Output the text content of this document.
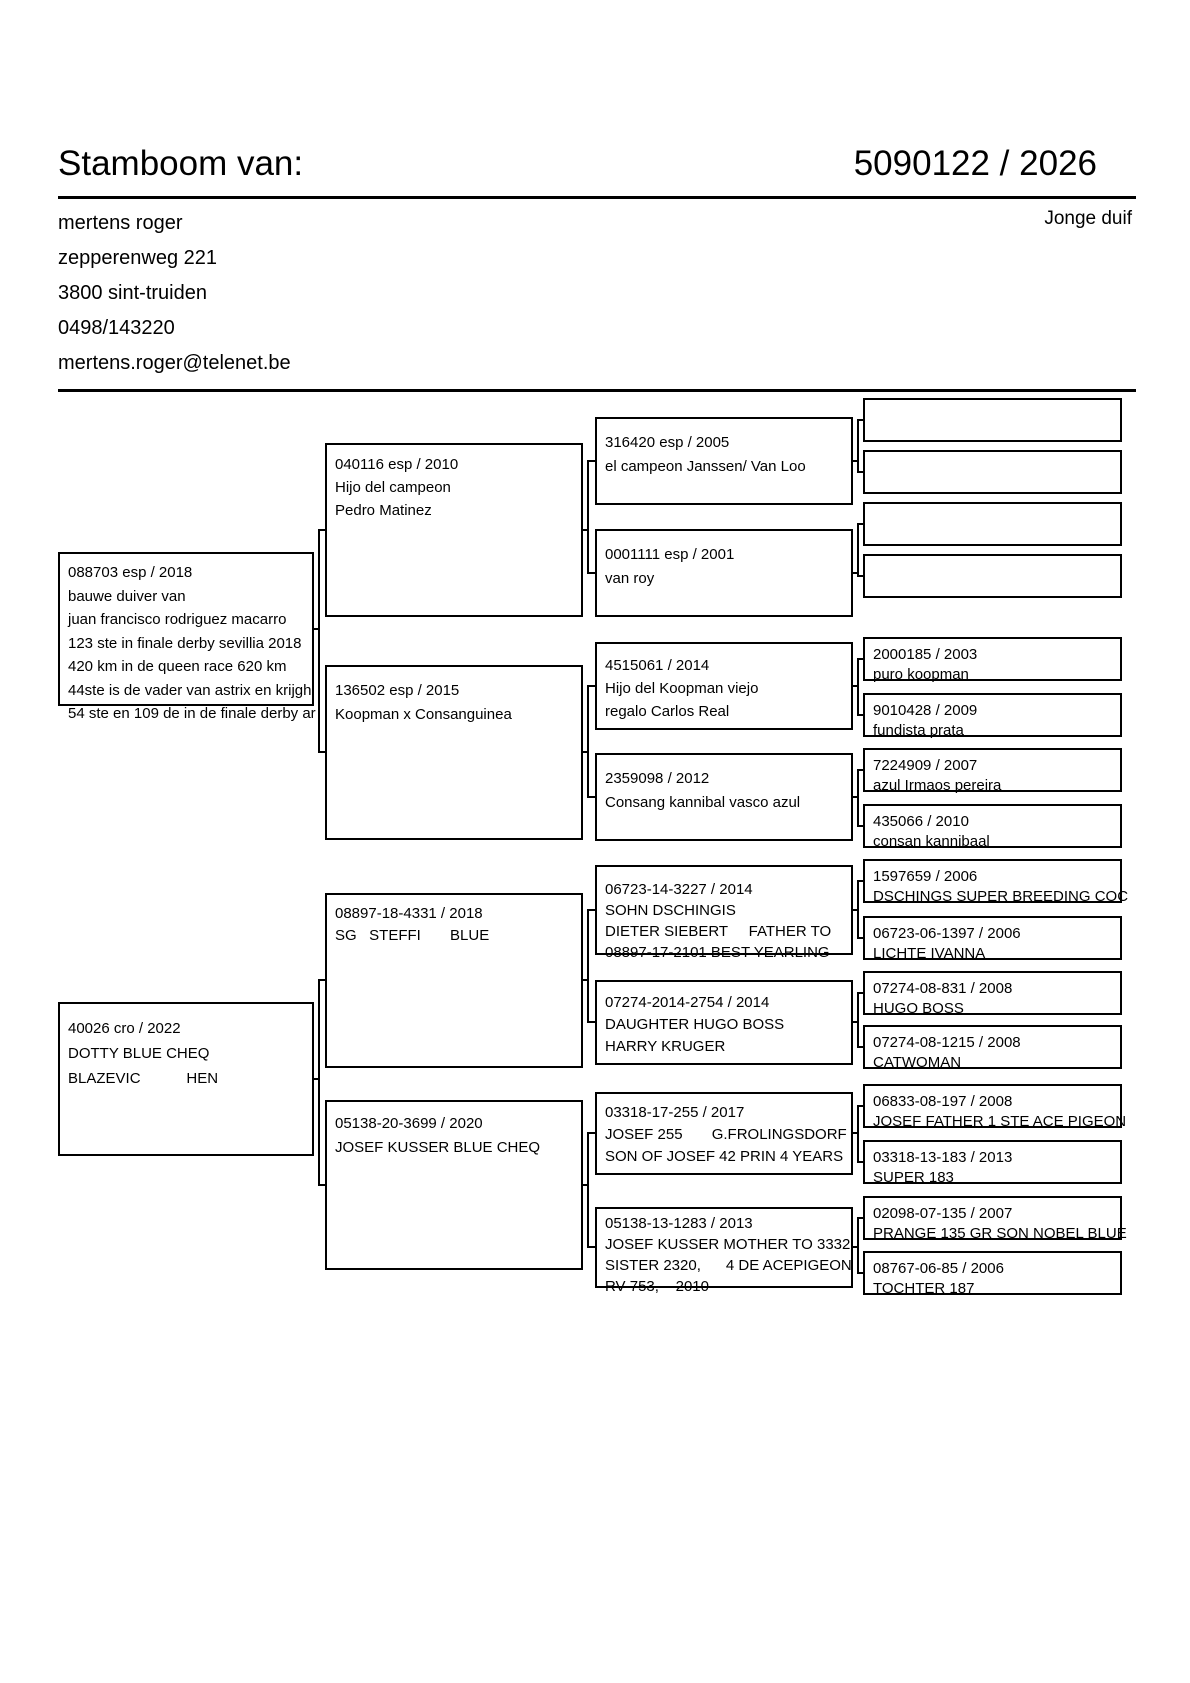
Stamboom van:	5090122 / 2026
mertens roger
zepperenweg 221
3800 sint-truiden
0498/143220
mertens.roger@telenet.be
Jonge duif
088703 esp / 2018
bauwe duiver van
juan francisco rodriguez macarro
123 ste in finale derby sevillia 2018
420 km in de queen race 620 km
44ste is de vader van astrix en krijghi
54 ste en 109 de in de finale derby ar
40026 cro / 2022
DOTTY BLUE CHEQ
BLAZEVIC           HEN
040116 esp / 2010
Hijo del campeon
Pedro Matinez
136502 esp / 2015
Koopman x Consanguinea
08897-18-4331 / 2018
SG   STEFFI       BLUE
05138-20-3699 / 2020
JOSEF KUSSER BLUE CHEQ
316420 esp / 2005
el campeon Janssen/ Van Loo
0001111 esp / 2001
van roy
4515061 / 2014
Hijo del Koopman viejo
regalo Carlos Real
2359098 / 2012
Consang kannibal vasco azul
06723-14-3227 / 2014
SOHN DSCHINGIS
DIETER SIEBERT     FATHER TO
08897-17-2101 BEST YEARLING
07274-2014-2754 / 2014
DAUGHTER HUGO BOSS
HARRY KRUGER
03318-17-255 / 2017
JOSEF 255       G.FROLINGSDORF
SON OF JOSEF 42 PRIN 4 YEARS
05138-13-1283 / 2013
JOSEF KUSSER MOTHER TO 3332
SISTER 2320,      4 DE ACEPIGEON
RV 753,    2010
2000185 / 2003
puro koopman
9010428 / 2009
fundista prata
7224909 / 2007
azul Irmaos pereira
435066 / 2010
consan kannibaal
1597659 / 2006
DSCHINGS SUPER BREEDING COC
06723-06-1397 / 2006
LICHTE IVANNA
07274-08-831 / 2008
HUGO BOSS
07274-08-1215 / 2008
CATWOMAN
06833-08-197 / 2008
JOSEF FATHER 1 STE ACE PIGEON
03318-13-183 / 2013
SUPER 183
02098-07-135 / 2007
PRANGE 135 GR SON NOBEL BLUE
08767-06-85 / 2006
TOCHTER 187
